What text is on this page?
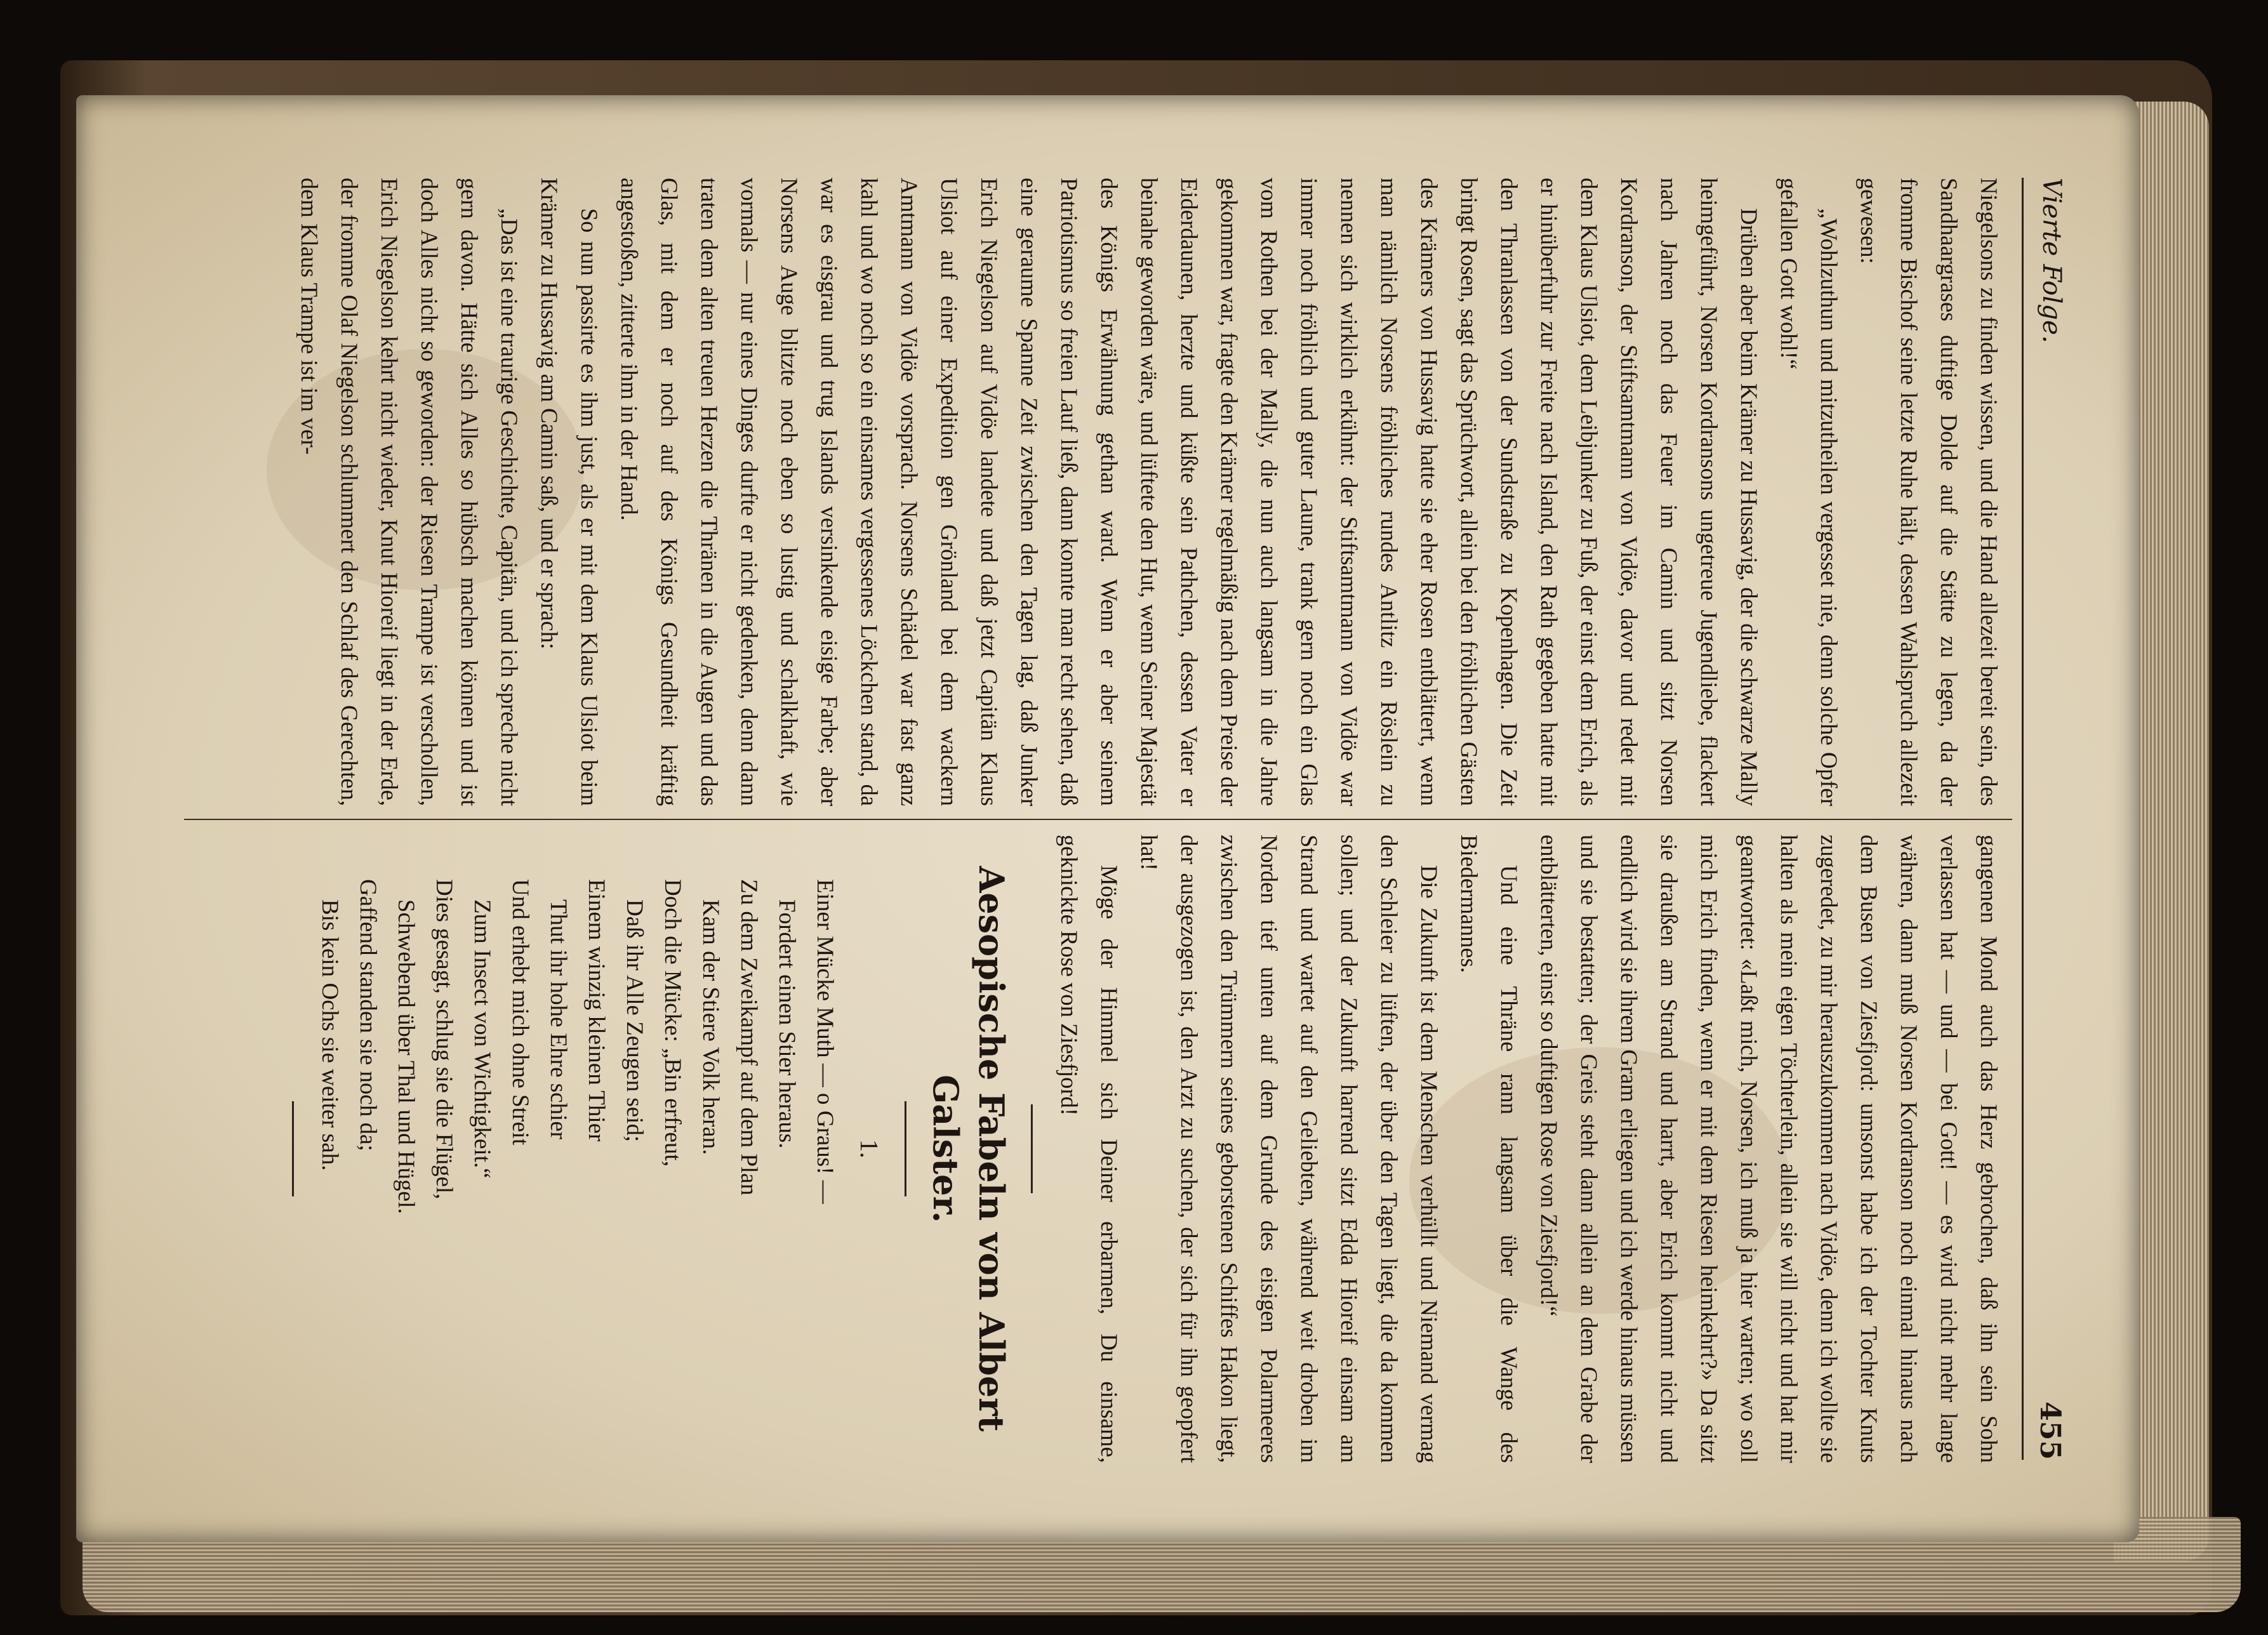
Vierte Folge.
455

Niegelsons zu finden wissen, und die Hand allezeit bereit sein, des Sandhaargrases duftige Dolde auf die Stätte zu legen, da der fromme Bischof seine letzte Ruhe hält, dessen Wahlspruch allezeit gewesen:

„Wohlzuthun und mitzutheilen vergesset nie, denn solche Opfer gefallen Gott wohl!“

Drüben aber beim Krämer zu Hussavig, der die schwarze Mally heimgeführt, Norsen Kordransons ungetreue Jugendliebe, flackert nach Jahren noch das Feuer im Camin und sitzt Norsen Kordranson, der Stiftsamtmann von Vidöe, davor und redet mit dem Klaus Ulsiot, dem Leibjunker zu Fuß, der einst dem Erich, als er hinüberfuhr zur Freite nach Island, den Rath gegeben hatte mit den Thranlassen von der Sundstraße zu Kopenhagen. Die Zeit bringt Rosen, sagt das Sprüchwort, allein bei den fröhlichen Gästen des Krämers von Hussavig hatte sie eher Rosen entblättert, wenn man nämlich Norsens fröhliches rundes Antlitz ein Röslein zu nennen sich wirklich erkühnt: der Stiftsamtmann von Vidöe war immer noch fröhlich und guter Laune, trank gern noch ein Glas vom Rothen bei der Mally, die nun auch langsam in die Jahre gekommen war, fragte den Krämer regelmäßig nach dem Preise der Eiderdaunen, herzte und küßte sein Pathchen, dessen Vater er beinahe geworden wäre, und lüftete den Hut, wenn Seiner Majestät des Königs Erwähnung gethan ward. Wenn er aber seinem Patriotismus so freien Lauf ließ, dann konnte man recht sehen, daß eine geraume Spanne Zeit zwischen den Tagen lag, daß Junker Erich Niegelson auf Vidöe landete und daß jetzt Capitän Klaus Ulsiot auf einer Expedition gen Grönland bei dem wackern Amtmann von Vidöe vorsprach. Norsens Schädel war fast ganz kahl und wo noch so ein einsames vergessenes Löckchen stand, da war es eisgrau und trug Islands versinkende eisige Farbe; aber Norsens Auge blitzte noch eben so lustig und schalkhaft, wie vormals — nur eines Dinges durfte er nicht gedenken, denn dann traten dem alten treuen Herzen die Thränen in die Augen und das Glas, mit dem er noch auf des Königs Gesundheit kräftig angestoßen, zitterte ihm in der Hand.

So nun passirte es ihm just, als er mit dem Klaus Ulsiot beim Krämer zu Hussavig am Camin saß, und er sprach:

„Das ist eine traurige Geschichte, Capitän, und ich spreche nicht gern davon. Hätte sich Alles so hübsch machen können und ist doch Alles nicht so geworden: der Riesen Trampe ist verschollen, Erich Niegelson kehrt nicht wieder, Knut Hioreif liegt in der Erde, der fromme Olaf Niegelson schlummert den Schlaf des Gerechten, dem Klaus Trampe ist im ver-

gangenen Mond auch das Herz gebrochen, daß ihn sein Sohn verlassen hat — und — bei Gott! — es wird nicht mehr lange währen, dann muß Norsen Kordranson noch einmal hinaus nach dem Busen von Ziesfjord: umsonst habe ich der Tochter Knuts zugeredet, zu mir herauszukommen nach Vidöe, denn ich wollte sie halten als mein eigen Töchterlein, allein sie will nicht und hat mir geantwortet: «Laßt mich, Norsen, ich muß ja hier warten; wo soll mich Erich finden, wenn er mit dem Riesen heimkehrt?» Da sitzt sie draußen am Strand und harrt, aber Erich kommt nicht und endlich wird sie ihrem Gram erliegen und ich werde hinaus müssen und sie bestatten; der Greis steht dann allein an dem Grabe der entblätterten, einst so duftigen Rose von Ziesfjord!“

Und eine Thräne rann langsam über die Wange des Biedermannes.

Die Zukunft ist dem Menschen verhüllt und Niemand vermag den Schleier zu lüften, der über den Tagen liegt, die da kommen sollen; und der Zukunft harrend sitzt Edda Hioreif einsam am Strand und wartet auf den Geliebten, während weit droben im Norden tief unten auf dem Grunde des eisigen Polarmeeres zwischen den Trümmern seines geborstenen Schiffes Hakon liegt, der ausgezogen ist, den Arzt zu suchen, der sich für ihn geopfert hat!

Möge der Himmel sich Deiner erbarmen, Du einsame, geknickte Rose von Ziesfjord!

Aesopische Fabeln von Albert Galster.
1.
Einer Mücke Muth — o Graus! —
Fordert einen Stier heraus.
Zu dem Zweikampf auf dem Plan
Kam der Stiere Volk heran.
Doch die Mücke: „Bin erfreut,
Daß ihr Alle Zeugen seid;
Einem winzig kleinen Thier
Thut ihr hohe Ehre schier
Und erhebt mich ohne Streit
Zum Insect von Wichtigkeit.“
Dies gesagt, schlug sie die Flügel,
Schwebend über Thal und Hügel.
Gaffend standen sie noch da;
Bis kein Ochs sie weiter sah.
